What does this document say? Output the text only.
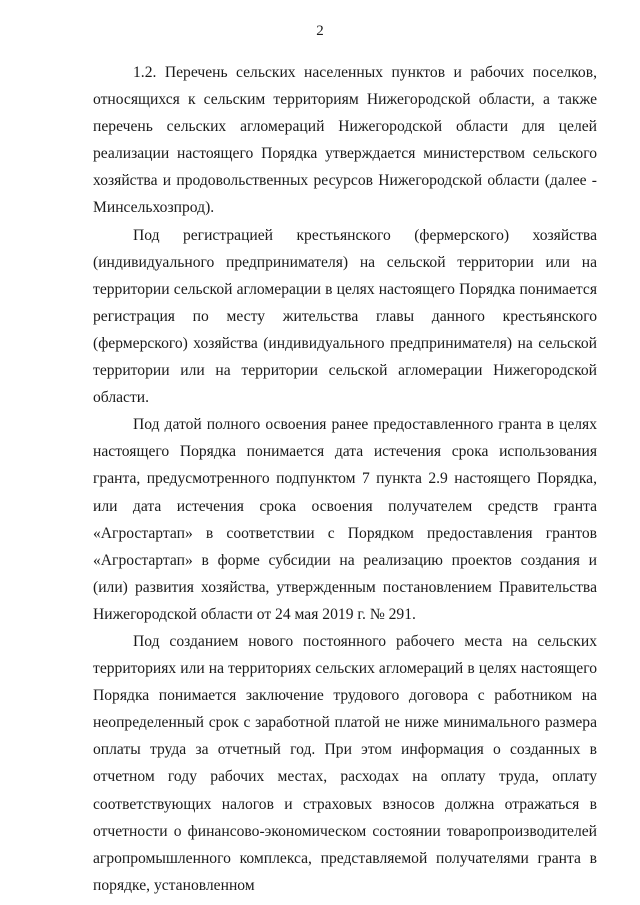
2

1.2. Перечень сельских населенных пунктов и рабочих поселков, относящихся к сельским территориям Нижегородской области, а также перечень сельских агломераций Нижегородской области для целей реализации настоящего Порядка утверждается министерством сельского хозяйства и продовольственных ресурсов Нижегородской области (далее - Минсельхозпрод).

Под регистрацией крестьянского (фермерского) хозяйства (индивидуального предпринимателя) на сельской территории или на территории сельской агломерации в целях настоящего Порядка понимается регистрация по месту жительства главы данного крестьянского (фермерского) хозяйства (индивидуального предпринимателя) на сельской территории или на территории сельской агломерации Нижегородской области.

Под датой полного освоения ранее предоставленного гранта в целях настоящего Порядка понимается дата истечения срока использования гранта, предусмотренного подпунктом 7 пункта 2.9 настоящего Порядка, или дата истечения срока освоения получателем средств гранта «Агростартап» в соответствии с Порядком предоставления грантов «Агростартап» в форме субсидии на реализацию проектов создания и (или) развития хозяйства, утвержденным постановлением Правительства Нижегородской области от 24 мая 2019 г. № 291.

Под созданием нового постоянного рабочего места на сельских территориях или на территориях сельских агломераций в целях настоящего Порядка понимается заключение трудового договора с работником на неопределенный срок с заработной платой не ниже минимального размера оплаты труда за отчетный год. При этом информация о созданных в отчетном году рабочих местах, расходах на оплату труда, оплату соответствующих налогов и страховых взносов должна отражаться в отчетности о финансово-экономическом состоянии товаропроизводителей агропромышленного комплекса, представляемой получателями гранта в порядке, установленном
